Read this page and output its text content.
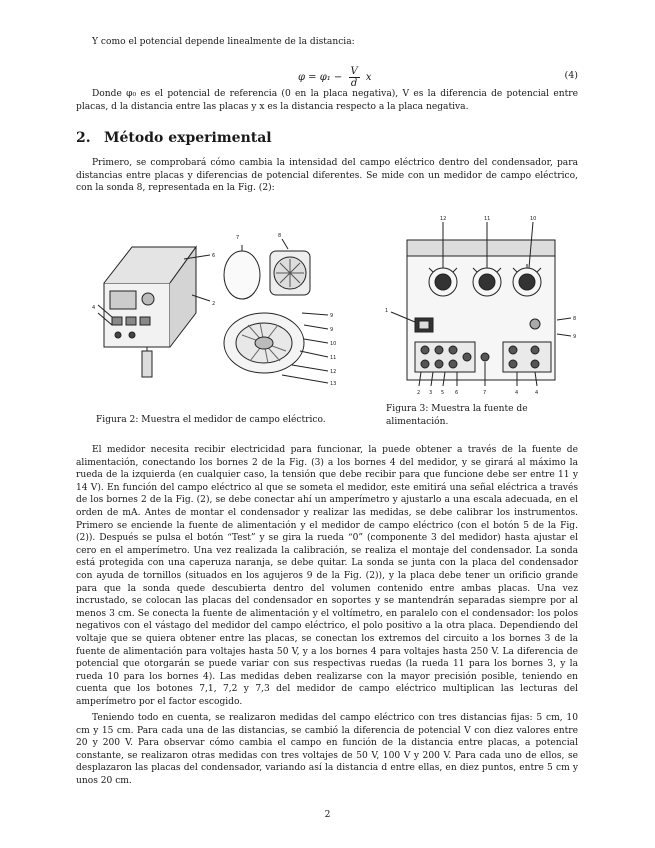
Y como el potencial depende linealmente de la distancia:
$\varphi = \varphi_1 - \frac{V}{d}$ x	(4)
Donde φ₀ es el potencial de referencia (0 en la placa negativa), V es la diferencia de potencial entre placas, d la distancia entre las placas y x es la distancia respecto a la placa negativa.
2. Método experimental
Primero, se comprobará cómo cambia la intensidad del campo eléctrico dentro del condensador, para distancias entre placas y diferencias de potencial diferentes. Se mide con un medidor de campo eléctrico, con la sonda 8, representada en la Fig. (2):
7	8
6
2
4
9
9
10
11
12
13
12	11	10
1
8
9
2 3 5 6	7	4	4
Figura 2: Muestra el medidor de campo eléctrico.
Figura 3: Muestra la fuente de alimentación.
El medidor necesita recibir electricidad para funcionar, la puede obtener a través de la fuente de alimentación, conectando los bornes 2 de la Fig. (3) a los bornes 4 del medidor, y se girará al máximo la rueda de la izquierda (en cualquier caso, la tensión que debe recibir para que funcione debe ser entre 11 y 14 V). En función del campo eléctrico al que se someta el medidor, este emitirá una señal eléctrica a través de los bornes 2 de la Fig. (2), se debe conectar ahí un amperímetro y ajustarlo a una escala adecuada, en el orden de mA. Antes de montar el condensador y realizar las medidas, se debe calibrar los instrumentos. Primero se enciende la fuente de alimentación y el medidor de campo eléctrico (con el botón 5 de la Fig. (2)). Después se pulsa el botón “Test” y se gira la rueda “0” (componente 3 del medidor) hasta ajustar el cero en el amperímetro. Una vez realizada la calibración, se realiza el montaje del condensador. La sonda está protegida con una caperuza naranja, se debe quitar. La sonda se junta con la placa del condensador con ayuda de tornillos (situados en los agujeros 9 de la Fig. (2)), y la placa debe tener un orificio grande para que la sonda quede descubierta dentro del volumen contenido entre ambas placas. Una vez incrustado, se colocan las placas del condensador en soportes y se mantendrán separadas siempre por al menos 3 cm. Se conecta la fuente de alimentación y el voltímetro, en paralelo con el condensador: los polos negativos con el vástago del medidor del campo eléctrico, el polo positivo a la otra placa. Dependiendo del voltaje que se quiera obtener entre las placas, se conectan los extremos del circuito a los bornes 3 de la fuente de alimentación para voltajes hasta 50 V, y a los bornes 4 para voltajes hasta 250 V. La diferencia de potencial que otorgarán se puede variar con sus respectivas ruedas (la rueda 11 para los bornes 3, y la rueda 10 para los bornes 4). Las medidas deben realizarse con la mayor precisión posible, teniendo en cuenta que los botones 7,1, 7,2 y 7,3 del medidor de campo eléctrico multiplican las lecturas del amperímetro por el factor escogido.
Teniendo todo en cuenta, se realizaron medidas del campo eléctrico con tres distancias fijas: 5 cm, 10 cm y 15 cm. Para cada una de las distancias, se cambió la diferencia de potencial V con diez valores entre 20 y 200 V. Para observar cómo cambia el campo en función de la distancia entre placas, a potencial constante, se realizaron otras medidas con tres voltajes de 50 V, 100 V y 200 V. Para cada uno de ellos, se desplazaron las placas del condensador, variando así la distancia d entre ellas, en diez puntos, entre 5 cm y unos 20 cm.
2
